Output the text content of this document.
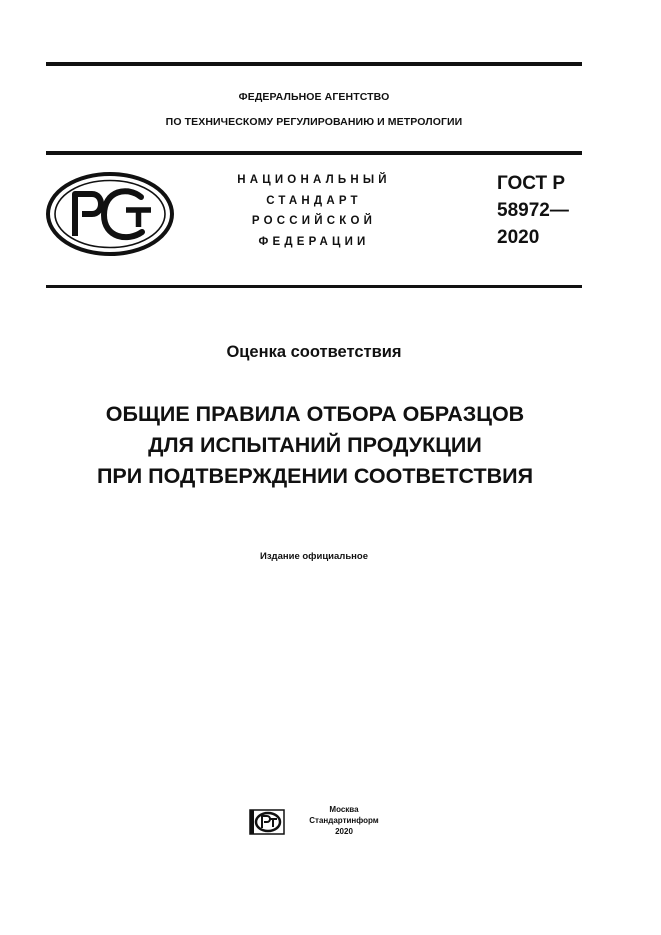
ФЕДЕРАЛЬНОЕ АГЕНТСТВО
ПО ТЕХНИЧЕСКОМУ РЕГУЛИРОВАНИЮ И МЕТРОЛОГИИ
НАЦИОНАЛЬНЫЙ
СТАНДАРТ
РОССИЙСКОЙ
ФЕДЕРАЦИИ
ГОСТ Р
58972—
2020
Оценка соответствия
ОБЩИЕ ПРАВИЛА ОТБОРА ОБРАЗЦОВ
ДЛЯ ИСПЫТАНИЙ ПРОДУКЦИИ
ПРИ ПОДТВЕРЖДЕНИИ СООТВЕТСТВИЯ
Издание официальное
Москва
Стандартинформ
2020
